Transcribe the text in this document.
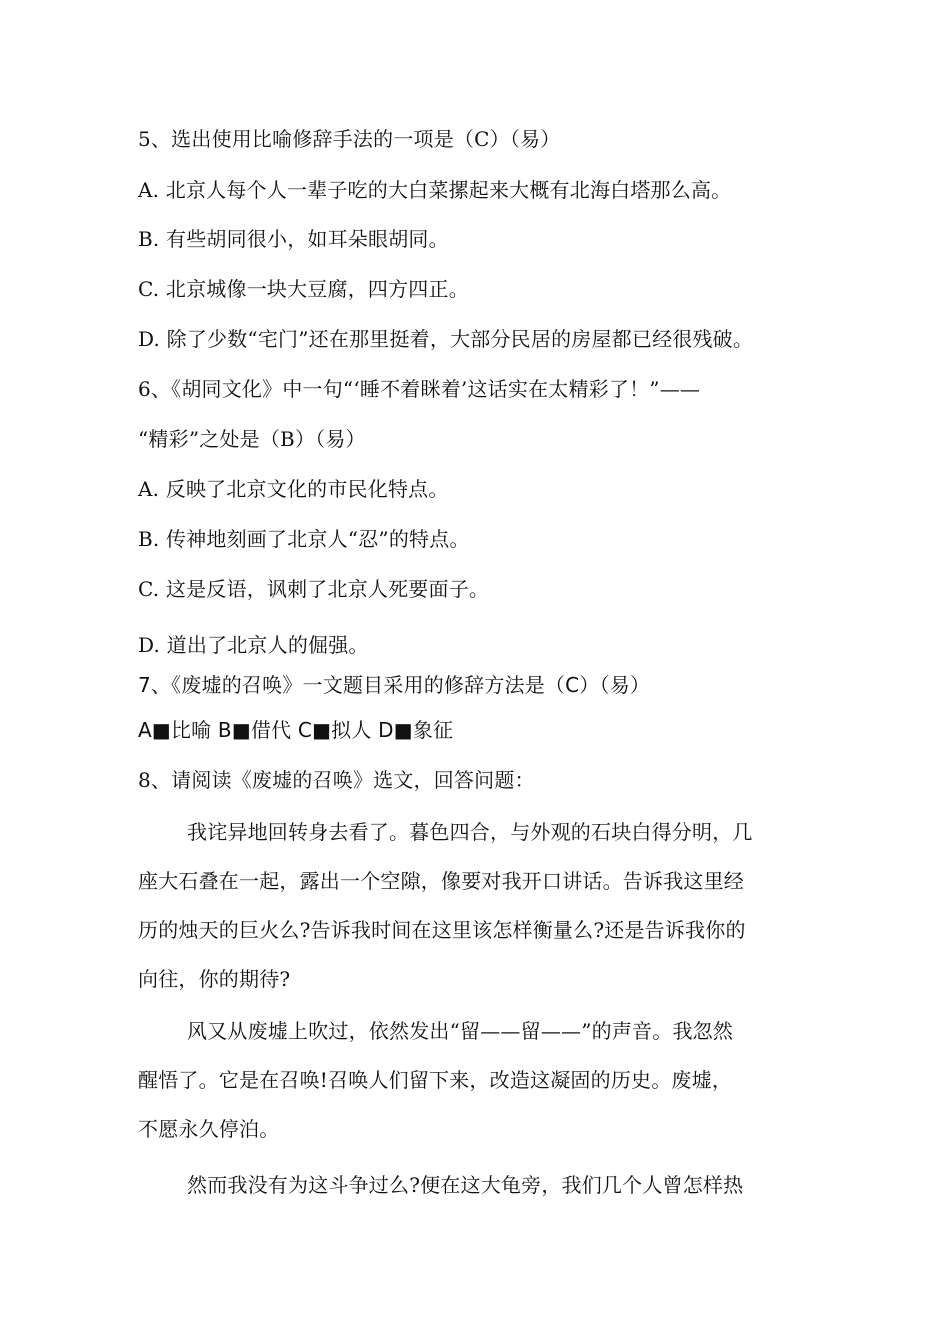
5、选出使用比喻修辞手法的一项是（C）（易）
A. 北京人每个人一辈子吃的大白菜摞起来大概有北海白塔那么高。
B. 有些胡同很小，如耳朵眼胡同。
C. 北京城像一块大豆腐，四方四正。
D. 除了少数“宅门”还在那里挺着，大部分民居的房屋都已经很残破。
6、《胡同文化》中一句“‘睡不着眯着’这话实在太精彩了！”——
“精彩”之处是（B）（易）
A. 反映了北京文化的市民化特点。
B. 传神地刻画了北京人“忍”的特点。
C. 这是反语，讽刺了北京人死要面子。
D. 道出了北京人的倔强。
7、《废墟的召唤》一文题目采用的修辞方法是（C）（易）
A■比喻 B■借代 C■拟人 D■象征
8、请阅读《废墟的召唤》选文，回答问题：
我诧异地回转身去看了。暮色四合，与外观的石块白得分明，几
座大石叠在一起，露出一个空隙，像要对我开口讲话。告诉我这里经
历的烛天的巨火么?告诉我时间在这里该怎样衡量么?还是告诉我你的
向往，你的期待?
风又从废墟上吹过，依然发出“留——留——”的声音。我忽然
醒悟了。它是在召唤!召唤人们留下来，改造这凝固的历史。废墟，
不愿永久停泊。
然而我没有为这斗争过么?便在这大龟旁，我们几个人曾怎样热
